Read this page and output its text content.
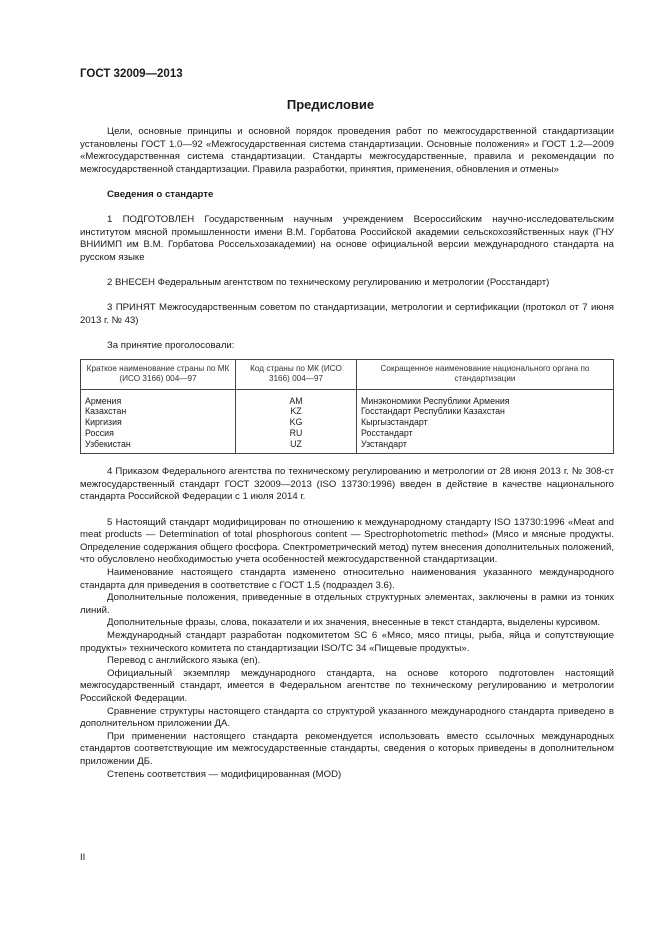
ГОСТ 32009—2013
Предисловие

Цели, основные принципы и основной порядок проведения работ по межгосударственной стандартизации установлены ГОСТ 1.0—92 «Межгосударственная система стандартизации. Основные положения» и ГОСТ 1.2—2009 «Межгосударственная система стандартизации. Стандарты межгосударственные, правила и рекомендации по межгосударственной стандартизации. Правила разработки, принятия, применения, обновления и отмены»

Сведения о стандарте

1 ПОДГОТОВЛЕН Государственным научным учреждением Всероссийским научно-исследовательским институтом мясной промышленности имени В.М. Горбатова Российской академии сельскохозяйственных наук (ГНУ ВНИИМП им В.М. Горбатова Россельхозакадемии) на основе официальной версии международного стандарта на русском языке

2 ВНЕСЕН Федеральным агентством по техническому регулированию и метрологии (Росстандарт)

3 ПРИНЯТ Межгосударственным советом по стандартизации, метрологии и сертификации (протокол от 7 июня 2013 г. № 43)

За принятие проголосовали:

Краткое наименование страны по МК (ИСО 3166) 004—97	Код страны по МК (ИСО 3166) 004—97	Сокращенное наименование национального органа по стандартизации
Армения	AM	Минэкономики Республики Армения
Казахстан	KZ	Госстандарт Республики Казахстан
Киргизия	KG	Кыргызстандарт
Россия	RU	Росстандарт
Узбекистан	UZ	Узстандарт

4 Приказом Федерального агентства по техническому регулированию и метрологии от 28 июня 2013 г. № 308-ст межгосударственный стандарт ГОСТ 32009—2013 (ISO 13730:1996) введен в действие в качестве национального стандарта Российской Федерации с 1 июля 2014 г.

5 Настоящий стандарт модифицирован по отношению к международному стандарту ISO 13730:1996 «Meat and meat products — Determination of total phosphorous content — Spectrophotometric method» (Мясо и мясные продукты. Определение содержания общего фосфора. Спектрометрический метод) путем внесения дополнительных положений, что обусловлено необходимостью учета особенностей межгосударственной стандартизации.

Наименование настоящего стандарта изменено относительно наименования указанного международного стандарта для приведения в соответствие с ГОСТ 1.5 (подраздел 3.6).

Дополнительные положения, приведенные в отдельных структурных элементах, заключены в рамки из тонких линий.

Дополнительные фразы, слова, показатели и их значения, внесенные в текст стандарта, выделены курсивом.

Международный стандарт разработан подкомитетом SC 6 «Мясо, мясо птицы, рыба, яйца и сопутствующие продукты» технического комитета по стандартизации ISO/TC 34 «Пищевые продукты».

Перевод с английского языка (en).

Официальный экземпляр международного стандарта, на основе которого подготовлен настоящий межгосударственный стандарт, имеется в Федеральном агентстве по техническому регулированию и метрологии Российской Федерации.

Сравнение структуры настоящего стандарта со структурой указанного международного стандарта приведено в дополнительном приложении ДА.

При применении настоящего стандарта рекомендуется использовать вместо ссылочных международных стандартов соответствующие им межгосударственные стандарты, сведения о которых приведены в дополнительном приложении ДБ.

Степень соответствия — модифицированная (MOD)

II
